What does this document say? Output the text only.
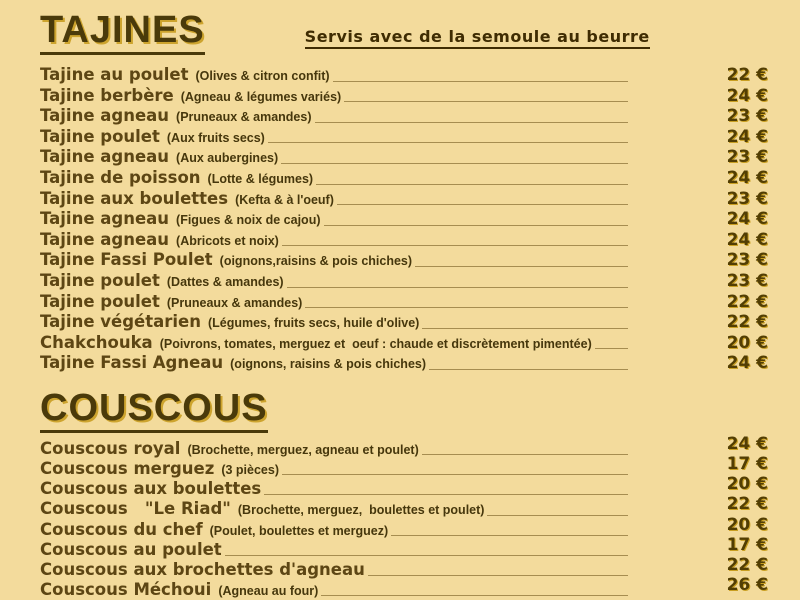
TAJINES	Servis avec de la semoule au beurre
Tajine au poulet (Olives & citron confit)	22 €
Tajine berbère (Agneau & légumes variés)	24 €
Tajine agneau (Pruneaux & amandes)	23 €
Tajine poulet (Aux fruits secs)	24 €
Tajine agneau (Aux aubergines)	23 €
Tajine de poisson (Lotte & légumes)	24 €
Tajine aux boulettes (Kefta & à l'oeuf)	23 €
Tajine agneau (Figues & noix de cajou)	24 €
Tajine agneau (Abricots et noix)	24 €
Tajine Fassi Poulet (oignons,raisins & pois chiches)	23 €
Tajine poulet (Dattes & amandes)	23 €
Tajine poulet (Pruneaux & amandes)	22 €
Tajine végétarien (Légumes, fruits secs, huile d'olive)	22 €
Chakchouka (Poivrons, tomates, merguez et  oeuf : chaude et discrètement pimentée)	20 €
Tajine Fassi Agneau (oignons, raisins & pois chiches)	24 €
COUSCOUS
Couscous royal (Brochette, merguez, agneau et poulet)	24 €
Couscous merguez (3 pièces)	17 €
Couscous aux boulettes	20 €
Couscous   "Le Riad" (Brochette, merguez,  boulettes et poulet)	22 €
Couscous du chef (Poulet, boulettes et merguez)	20 €
Couscous au poulet	17 €
Couscous aux brochettes d'agneau	22 €
Couscous Méchoui (Agneau au four)	26 €
